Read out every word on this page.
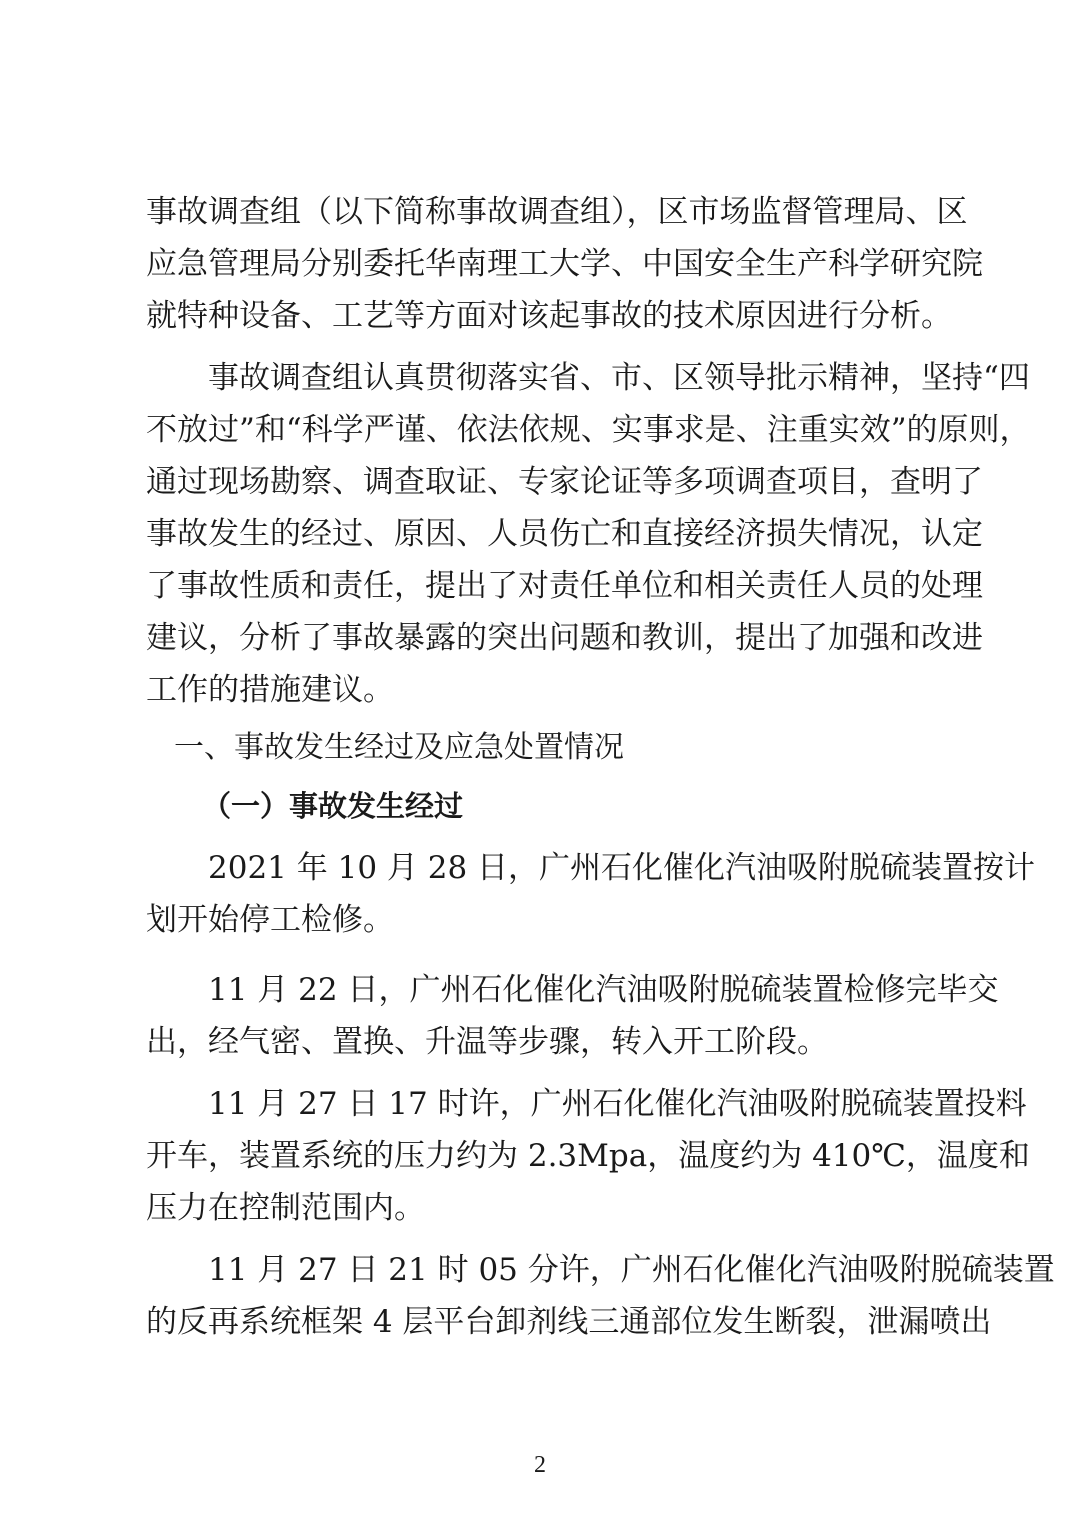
事故调查组（以下简称事故调查组），区市场监督管理局、区
应急管理局分别委托华南理工大学、中国安全生产科学研究院
就特种设备、工艺等方面对该起事故的技术原因进行分析。
事故调查组认真贯彻落实省、市、区领导批示精神，坚持“四
不放过”和“科学严谨、依法依规、实事求是、注重实效”的原则，
通过现场勘察、调查取证、专家论证等多项调查项目，查明了
事故发生的经过、原因、人员伤亡和直接经济损失情况，认定
了事故性质和责任，提出了对责任单位和相关责任人员的处理
建议，分析了事故暴露的突出问题和教训，提出了加强和改进
工作的措施建议。
一、事故发生经过及应急处置情况
（一）事故发生经过
2021 年 10 月 28 日，广州石化催化汽油吸附脱硫装置按计
划开始停工检修。
11 月 22 日，广州石化催化汽油吸附脱硫装置检修完毕交
出，经气密、置换、升温等步骤，转入开工阶段。
11 月 27 日 17 时许，广州石化催化汽油吸附脱硫装置投料
开车，装置系统的压力约为 2.3Mpa，温度约为 410℃，温度和
压力在控制范围内。
11 月 27 日 21 时 05 分许，广州石化催化汽油吸附脱硫装置
的反再系统框架 4 层平台卸剂线三通部位发生断裂，泄漏喷出
2
